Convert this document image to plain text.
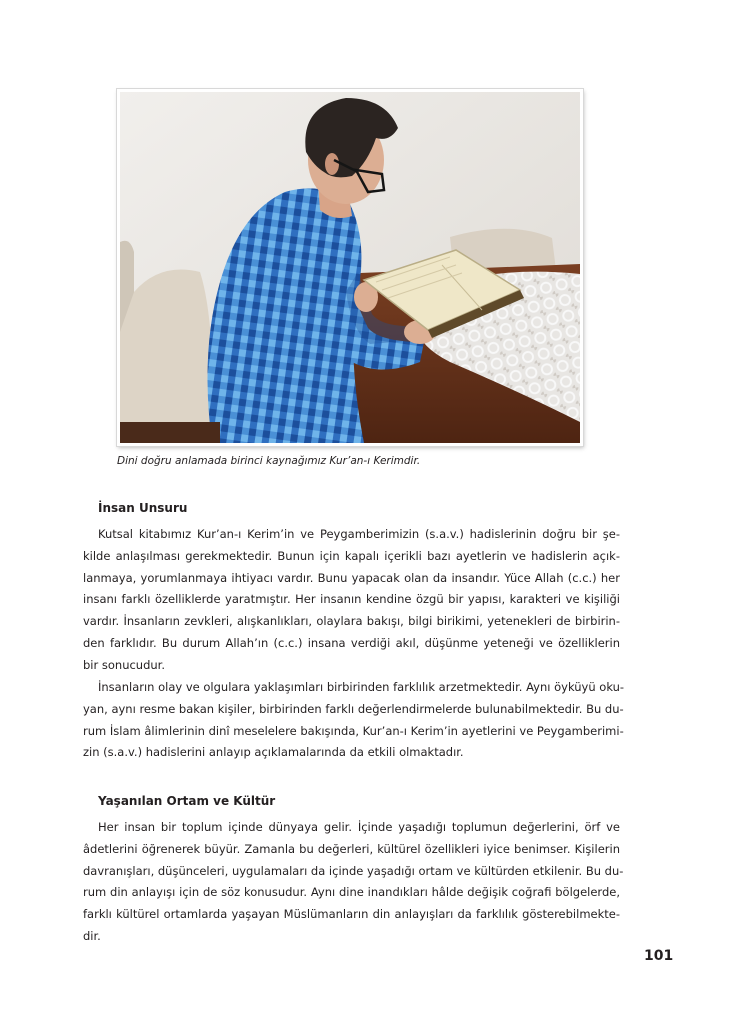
Dini doğru anlamada birinci kaynağımız Kur’an-ı Kerimdir.
İnsan Unsuru
Kutsal kitabımız Kur’an-ı Kerim’in ve Peygamberimizin (s.a.v.) hadislerinin doğru bir şe-
kilde anlaşılması gerekmektedir. Bunun için kapalı içerikli bazı ayetlerin ve hadislerin açık-
lanmaya, yorumlanmaya ihtiyacı vardır. Bunu yapacak olan da insandır. Yüce Allah (c.c.) her
insanı farklı özelliklerde yaratmıştır. Her insanın kendine özgü bir yapısı, karakteri ve kişiliği
vardır. İnsanların zevkleri, alışkanlıkları, olaylara bakışı, bilgi birikimi, yetenekleri de birbirin-
den farklıdır. Bu durum Allah’ın (c.c.) insana verdiği akıl, düşünme yeteneği ve özelliklerin
bir sonucudur.
İnsanların olay ve olgulara yaklaşımları birbirinden farklılık arzetmektedir. Aynı öyküyü oku-
yan, aynı resme bakan kişiler, birbirinden farklı değerlendirmelerde bulunabilmektedir. Bu du-
rum İslam âlimlerinin dinî meselelere bakışında, Kur’an-ı Kerim’in ayetlerini ve Peygamberimi-
zin (s.a.v.) hadislerini anlayıp açıklamalarında da etkili olmaktadır.
Yaşanılan Ortam ve Kültür
Her insan bir toplum içinde dünyaya gelir. İçinde yaşadığı toplumun değerlerini, örf ve
âdetlerini öğrenerek büyür. Zamanla bu değerleri, kültürel özellikleri iyice benimser. Kişilerin
davranışları, düşünceleri, uygulamaları da içinde yaşadığı ortam ve kültürden etkilenir. Bu du-
rum din anlayışı için de söz konusudur. Aynı dine inandıkları hâlde değişik coğrafi bölgelerde,
farklı kültürel ortamlarda yaşayan Müslümanların din anlayışları da farklılık gösterebilmekte-
dir.
101
